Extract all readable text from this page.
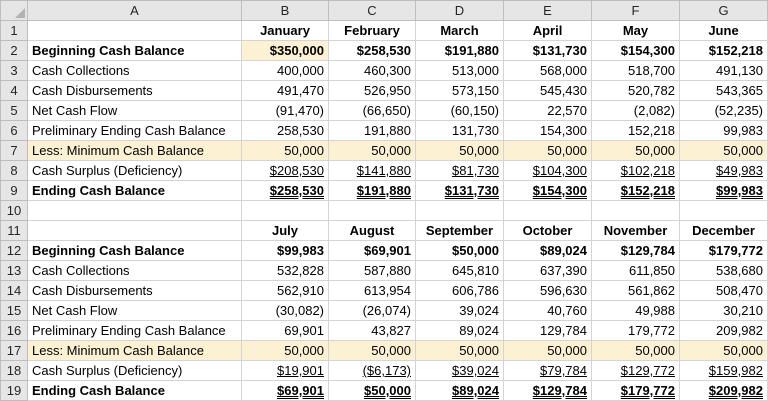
	A	B	C	D	E	F	G
1		January	February	March	April	May	June
2	Beginning Cash Balance	$350,000	$258,530	$191,880	$131,730	$154,300	$152,218
3	Cash Collections	400,000	460,300	513,000	568,000	518,700	491,130
4	Cash Disbursements	491,470	526,950	573,150	545,430	520,782	543,365
5	Net Cash Flow	(91,470)	(66,650)	(60,150)	22,570	(2,082)	(52,235)
6	Preliminary Ending Cash Balance	258,530	191,880	131,730	154,300	152,218	99,983
7	Less: Minimum Cash Balance	50,000	50,000	50,000	50,000	50,000	50,000
8	Cash Surplus (Deficiency)	$208,530	$141,880	$81,730	$104,300	$102,218	$49,983
9	Ending Cash Balance	$258,530	$191,880	$131,730	$154,300	$152,218	$99,983
10							
11		July	August	September	October	November	December
12	Beginning Cash Balance	$99,983	$69,901	$50,000	$89,024	$129,784	$179,772
13	Cash Collections	532,828	587,880	645,810	637,390	611,850	538,680
14	Cash Disbursements	562,910	613,954	606,786	596,630	561,862	508,470
15	Net Cash Flow	(30,082)	(26,074)	39,024	40,760	49,988	30,210
16	Preliminary Ending Cash Balance	69,901	43,827	89,024	129,784	179,772	209,982
17	Less: Minimum Cash Balance	50,000	50,000	50,000	50,000	50,000	50,000
18	Cash Surplus (Deficiency)	$19,901	($6,173)	$39,024	$79,784	$129,772	$159,982
19	Ending Cash Balance	$69,901	$50,000	$89,024	$129,784	$179,772	$209,982
